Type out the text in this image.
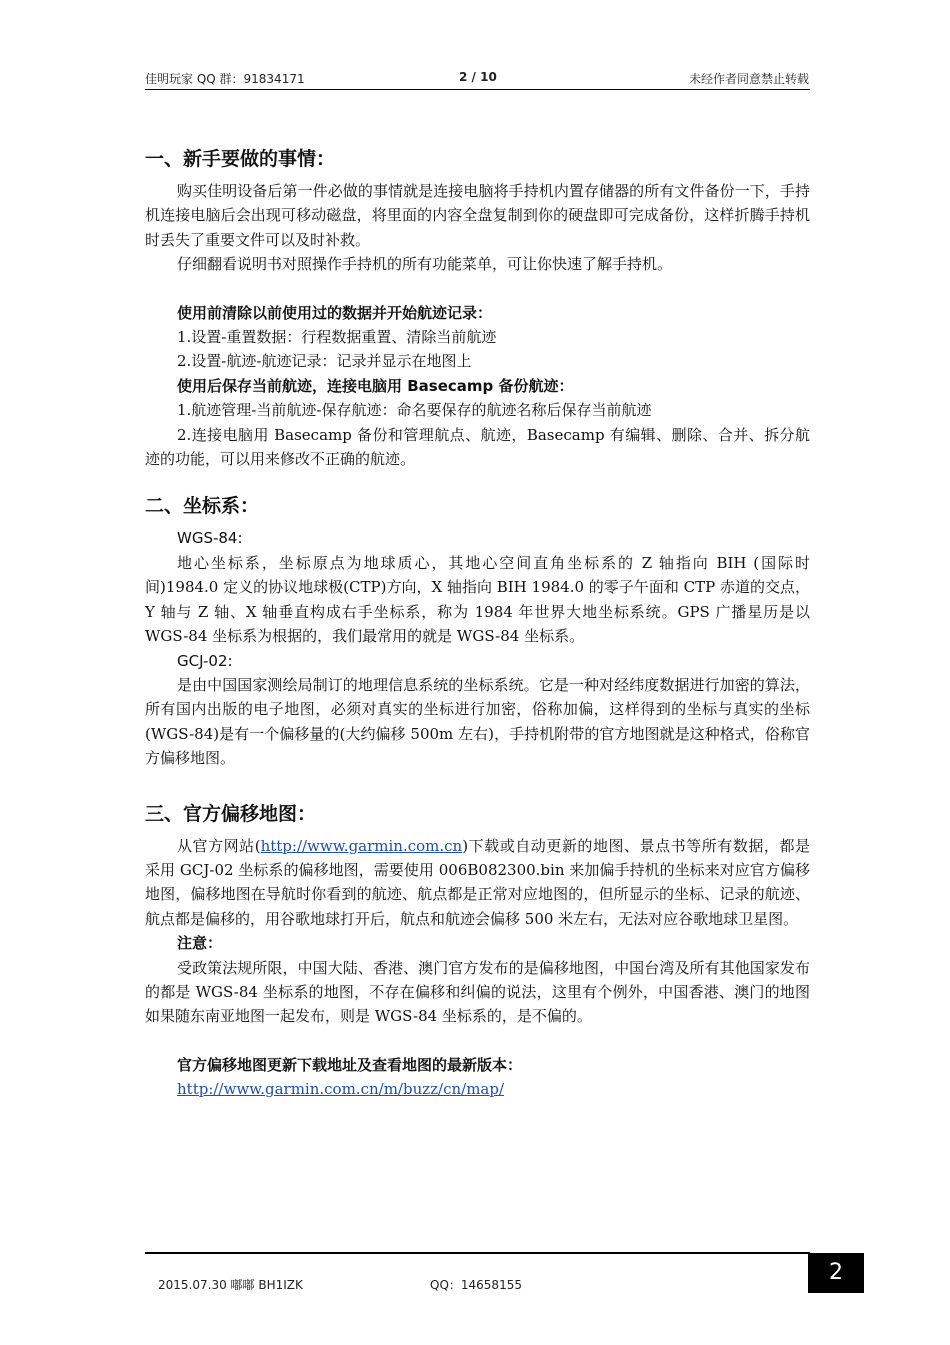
佳明玩家 QQ 群：91834171	2 / 10	未经作者同意禁止转载
一、新手要做的事情：

购买佳明设备后第一件必做的事情就是连接电脑将手持机内置存储器的所有文件备份一下，手持机连接电脑后会出现可移动磁盘，将里面的内容全盘复制到你的硬盘即可完成备份，这样折腾手持机时丢失了重要文件可以及时补救。

仔细翻看说明书对照操作手持机的所有功能菜单，可让你快速了解手持机。

使用前清除以前使用过的数据并开始航迹记录：
1.设置-重置数据：行程数据重置、清除当前航迹
2.设置-航迹-航迹记录：记录并显示在地图上
使用后保存当前航迹，连接电脑用 Basecamp 备份航迹：
1.航迹管理-当前航迹-保存航迹：命名要保存的航迹名称后保存当前航迹

2.连接电脑用 Basecamp 备份和管理航点、航迹，Basecamp 有编辑、删除、合并、拆分航迹的功能，可以用来修改不正确的航迹。

二、坐标系：
WGS-84:

地心坐标系，坐标原点为地球质心，其地心空间直角坐标系的 Z 轴指向 BIH (国际时间)1984.0 定义的协议地球极(CTP)方向，X 轴指向 BIH 1984.0 的零子午面和 CTP 赤道的交点，Y 轴与 Z 轴、X 轴垂直构成右手坐标系，称为 1984 年世界大地坐标系统。GPS 广播星历是以 WGS-84 坐标系为根据的，我们最常用的就是 WGS-84 坐标系。

GCJ-02:

是由中国国家测绘局制订的地理信息系统的坐标系统。它是一种对经纬度数据进行加密的算法，所有国内出版的电子地图，必须对真实的坐标进行加密，俗称加偏，这样得到的坐标与真实的坐标(WGS-84)是有一个偏移量的(大约偏移 500m 左右)，手持机附带的官方地图就是这种格式，俗称官方偏移地图。

三、官方偏移地图：

从官方网站(http://www.garmin.com.cn)下载或自动更新的地图、景点书等所有数据，都是采用 GCJ-02 坐标系的偏移地图，需要使用 006B082300.bin 来加偏手持机的坐标来对应官方偏移地图，偏移地图在导航时你看到的航迹、航点都是正常对应地图的，但所显示的坐标、记录的航迹、航点都是偏移的，用谷歌地球打开后，航点和航迹会偏移 500 米左右，无法对应谷歌地球卫星图。

注意：

受政策法规所限，中国大陆、香港、澳门官方发布的是偏移地图，中国台湾及所有其他国家发布的都是 WGS-84 坐标系的地图，不存在偏移和纠偏的说法，这里有个例外，中国香港、澳门的地图如果随东南亚地图一起发布，则是 WGS-84 坐标系的，是不偏的。

官方偏移地图更新下载地址及查看地图的最新版本：
http://www.garmin.com.cn/m/buzz/cn/map/
2015.07.30 嘟嘟 BH1IZK	QQ：14658155	2
